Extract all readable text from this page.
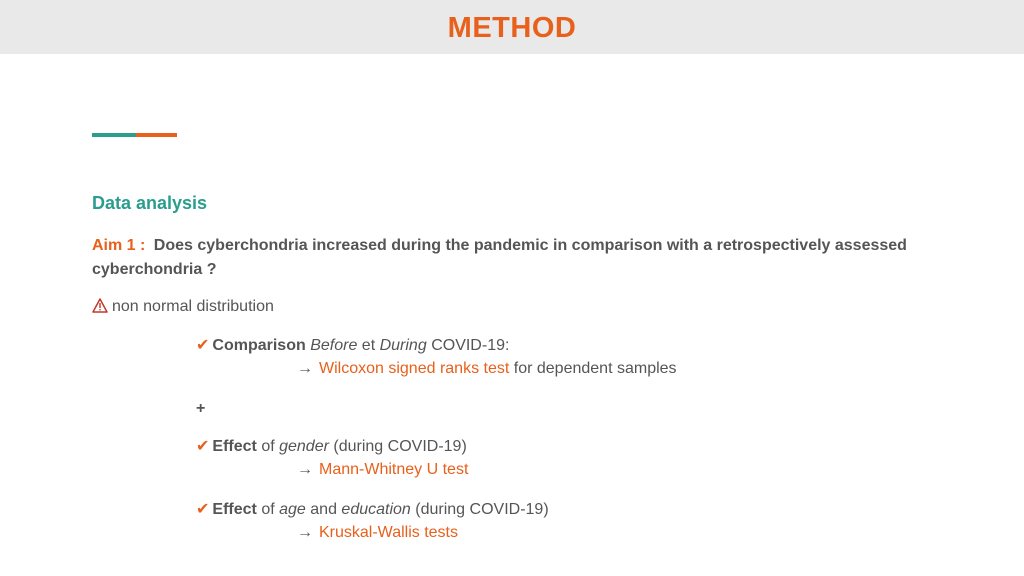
METHOD
Data analysis
Aim 1 : Does cyberchondria increased during the pandemic in comparison with a retrospectively assessed cyberchondria ?
non normal distribution
✔ Comparison Before et During COVID-19:
→ Wilcoxon signed ranks test for dependent samples
+
✔ Effect of gender (during COVID-19)
→ Mann-Whitney U test
✔ Effect of age and education (during COVID-19)
→ Kruskal-Wallis tests
